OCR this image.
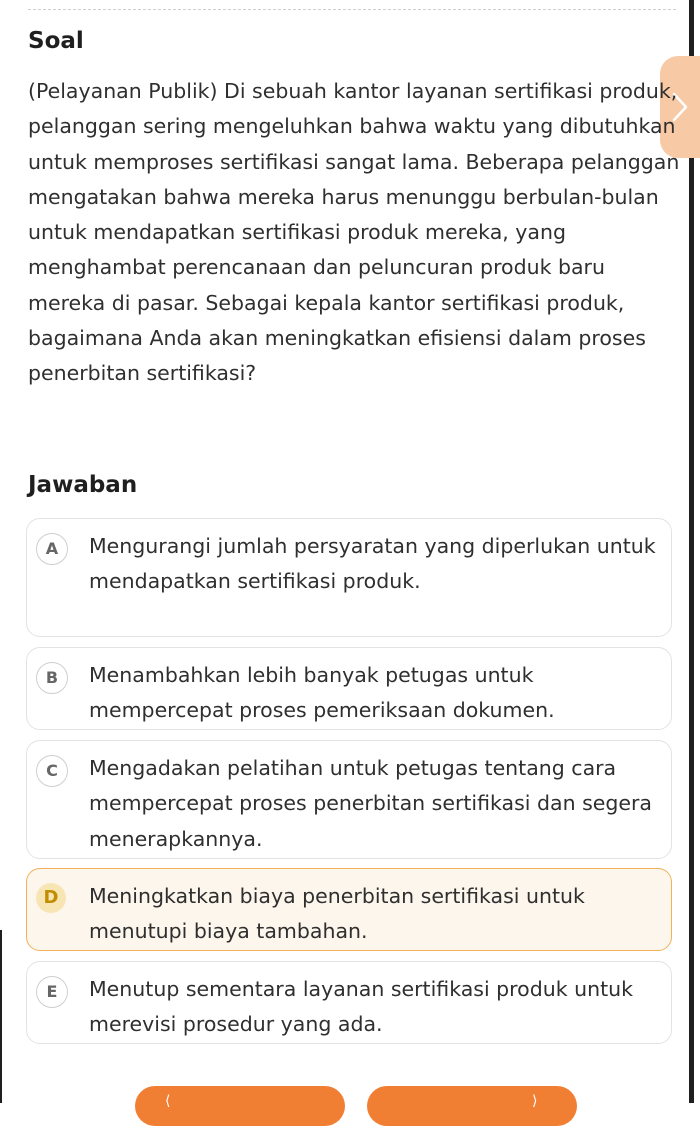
Soal
(Pelayanan Publik) Di sebuah kantor layanan sertifikasi produk, pelanggan sering mengeluhkan bahwa waktu yang dibutuhkan untuk memproses sertifikasi sangat lama. Beberapa pelanggan mengatakan bahwa mereka harus menunggu berbulan-bulan untuk mendapatkan sertifikasi produk mereka, yang menghambat perencanaan dan peluncuran produk baru mereka di pasar. Sebagai kepala kantor sertifikasi produk, bagaimana Anda akan meningkatkan efisiensi dalam proses penerbitan sertifikasi?
Jawaban
A	Mengurangi jumlah persyaratan yang diperlukan untuk mendapatkan sertifikasi produk.
B	Menambahkan lebih banyak petugas untuk mempercepat proses pemeriksaan dokumen.
C	Mengadakan pelatihan untuk petugas tentang cara mempercepat proses penerbitan sertifikasi dan segera menerapkannya.
D	Meningkatkan biaya penerbitan sertifikasi untuk menutupi biaya tambahan.
E	Menutup sementara layanan sertifikasi produk untuk merevisi prosedur yang ada.
⟨	⟩
